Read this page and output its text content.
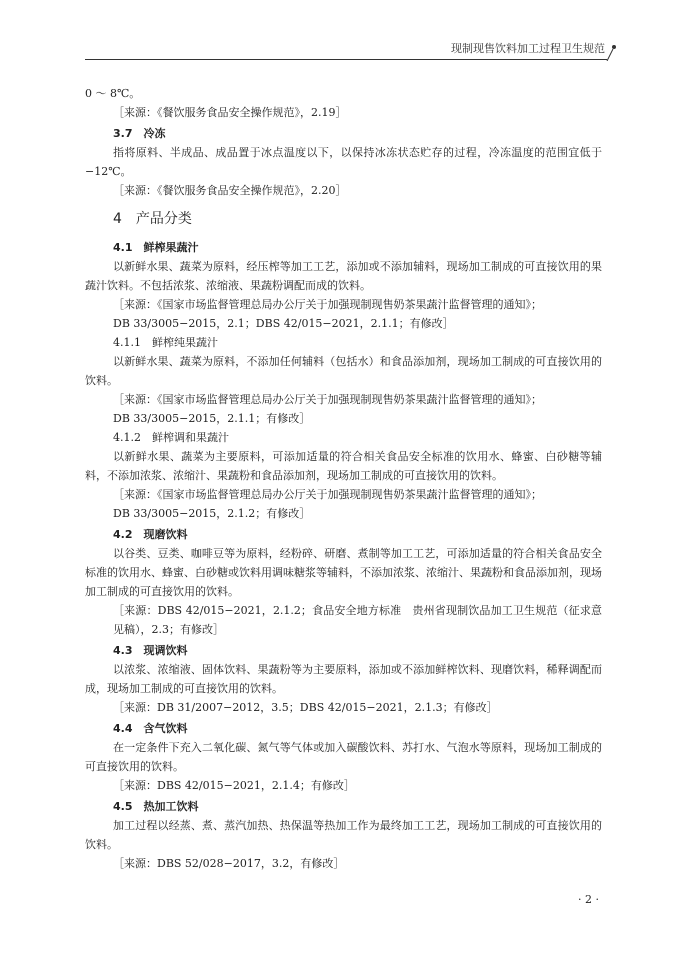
现制现售饮料加工过程卫生规范

0 ～ 8℃。

［来源：《餐饮服务食品安全操作规范》，2.19］

3.7　冷冻

指将原料、半成品、成品置于冰点温度以下，以保持冰冻状态贮存的过程，冷冻温度的范围宜低于 −12℃。

［来源：《餐饮服务食品安全操作规范》，2.20］

4　产品分类

4.1　鲜榨果蔬汁

以新鲜水果、蔬菜为原料，经压榨等加工工艺，添加或不添加辅料，现场加工制成的可直接饮用的果蔬汁饮料。不包括浓浆、浓缩液、果蔬粉调配而成的饮料。

［来源：《国家市场监督管理总局办公厅关于加强现制现售奶茶果蔬汁监督管理的通知》；

DB 33/3005−2015，2.1；DBS 42/015−2021，2.1.1；有修改］

4.1.1　鲜榨纯果蔬汁

以新鲜水果、蔬菜为原料，不添加任何辅料（包括水）和食品添加剂，现场加工制成的可直接饮用的饮料。

［来源：《国家市场监督管理总局办公厅关于加强现制现售奶茶果蔬汁监督管理的通知》；

DB 33/3005−2015，2.1.1；有修改］

4.1.2　鲜榨调和果蔬汁

以新鲜水果、蔬菜为主要原料，可添加适量的符合相关食品安全标准的饮用水、蜂蜜、白砂糖等辅料，不添加浓浆、浓缩汁、果蔬粉和食品添加剂，现场加工制成的可直接饮用的饮料。

［来源：《国家市场监督管理总局办公厅关于加强现制现售奶茶果蔬汁监督管理的通知》；

DB 33/3005−2015，2.1.2；有修改］

4.2　现磨饮料

以谷类、豆类、咖啡豆等为原料，经粉碎、研磨、煮制等加工工艺，可添加适量的符合相关食品安全标准的饮用水、蜂蜜、白砂糖或饮料用调味糖浆等辅料，不添加浓浆、浓缩汁、果蔬粉和食品添加剂，现场加工制成的可直接饮用的饮料。

［来源：DBS 42/015−2021，2.1.2；食品安全地方标准　贵州省现制饮品加工卫生规范（征求意见稿），2.3；有修改］

4.3　现调饮料

以浓浆、浓缩液、固体饮料、果蔬粉等为主要原料，添加或不添加鲜榨饮料、现磨饮料，稀释调配而成，现场加工制成的可直接饮用的饮料。

［来源：DB 31/2007−2012，3.5；DBS 42/015−2021，2.1.3；有修改］

4.4　含气饮料

在一定条件下充入二氧化碳、氮气等气体或加入碳酸饮料、苏打水、气泡水等原料，现场加工制成的可直接饮用的饮料。

［来源：DBS 42/015−2021，2.1.4；有修改］

4.5　热加工饮料

加工过程以经蒸、煮、蒸汽加热、热保温等热加工作为最终加工工艺，现场加工制成的可直接饮用的饮料。

［来源：DBS 52/028−2017，3.2，有修改］

· 2 ·
